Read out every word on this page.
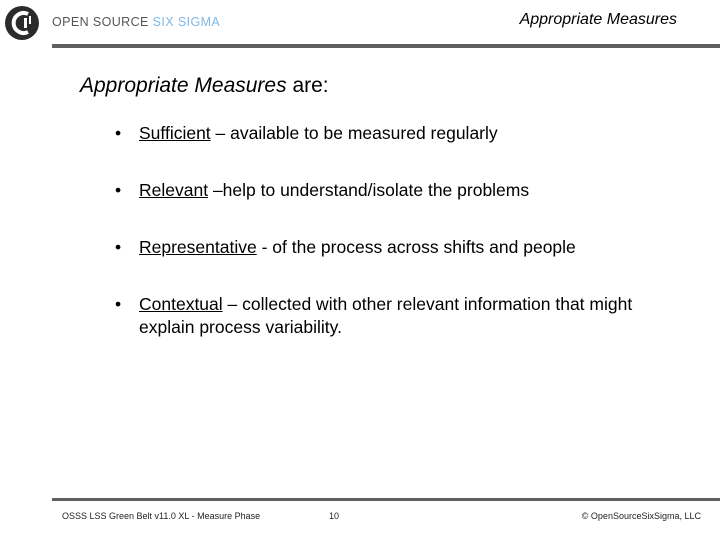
OPEN SOURCE SIX SIGMA	Appropriate Measures
Appropriate Measures are:
• Sufficient – available to be measured regularly
• Relevant –help to understand/isolate the problems
• Representative - of the process across shifts and people
• Contextual – collected with other relevant information that might explain process variability.
OSSS LSS Green Belt v11.0 XL - Measure Phase	10	© OpenSourceSixSigma, LLC
